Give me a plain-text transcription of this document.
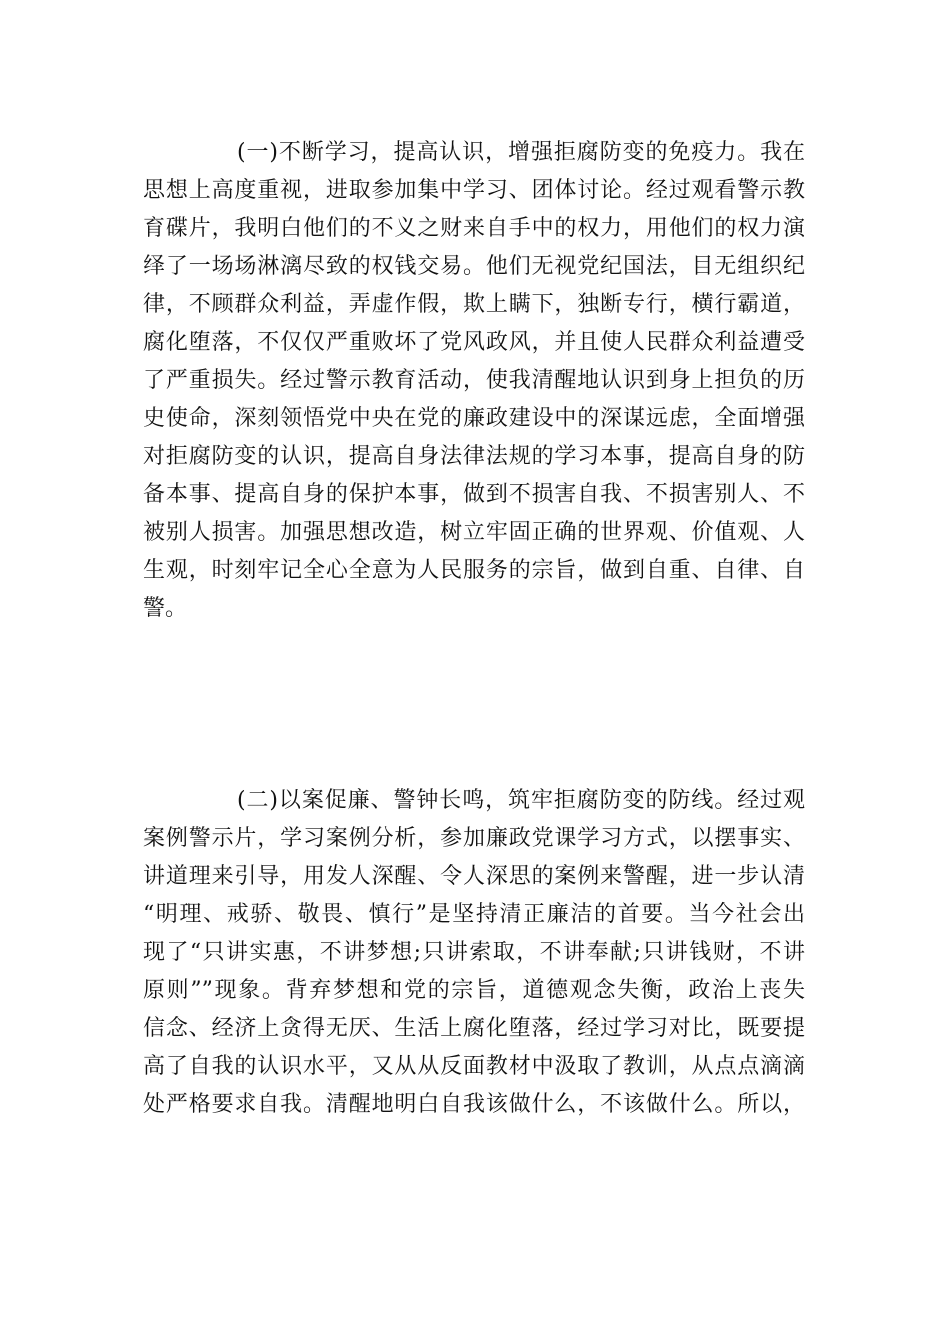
(一)不断学习，提高认识，增强拒腐防变的免疫力。我在
思想上高度重视，进取参加集中学习、团体讨论。经过观看警示教
育碟片，我明白他们的不义之财来自手中的权力，用他们的权力演
绎了一场场淋漓尽致的权钱交易。他们无视党纪国法，目无组织纪
律，不顾群众利益，弄虚作假，欺上瞒下，独断专行，横行霸道，
腐化堕落，不仅仅严重败坏了党风政风，并且使人民群众利益遭受
了严重损失。经过警示教育活动，使我清醒地认识到身上担负的历
史使命，深刻领悟党中央在党的廉政建设中的深谋远虑，全面增强
对拒腐防变的认识，提高自身法律法规的学习本事，提高自身的防
备本事、提高自身的保护本事，做到不损害自我、不损害别人、不
被别人损害。加强思想改造，树立牢固正确的世界观、价值观、人
生观，时刻牢记全心全意为人民服务的宗旨，做到自重、自律、自
警。
(二)以案促廉、警钟长鸣，筑牢拒腐防变的防线。经过观
案例警示片，学习案例分析，参加廉政党课学习方式，以摆事实、
讲道理来引导，用发人深醒、令人深思的案例来警醒，进一步认清
“明理、戒骄、敬畏、慎行”是坚持清正廉洁的首要。当今社会出
现了“只讲实惠，不讲梦想;只讲索取，不讲奉献;只讲钱财，不讲
原则””现象。背弃梦想和党的宗旨，道德观念失衡，政治上丧失
信念、经济上贪得无厌、生活上腐化堕落，经过学习对比，既要提
高了自我的认识水平，又从从反面教材中汲取了教训，从点点滴滴
处严格要求自我。清醒地明白自我该做什么，不该做什么。所以，
